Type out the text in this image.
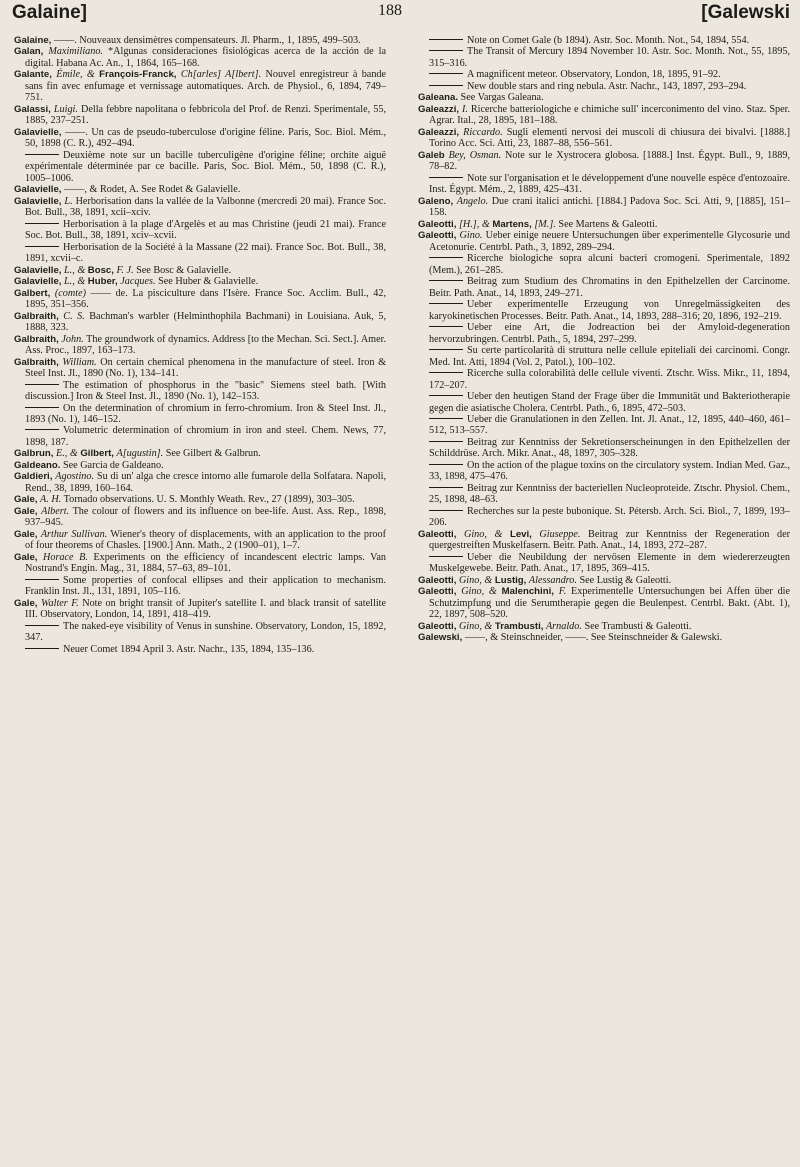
Galaine]	188	[Galewski
Galaine, ——. Nouveaux densimètres compensateurs. Jl. Pharm., 1, 1895, 499–503.
Galan, Maximiliano. *Algunas consideraciones fisiológicas acerca de la acción de la digital. Habana Ac. An., 1, 1864, 165–168.
Galante, Émile, & François-Franck, Ch[arles] A[lbert]. Nouvel enregistreur à bande sans fin avec enfumage et vernissage automatiques. Arch. de Physiol., 6, 1894, 749–751.
Galassi, Luigi. Della febbre napolitana o febbricola del Prof. de Renzi. Sperimentale, 55, 1885, 237–251.
Galavielle, ——. Un cas de pseudo-tuberculose d'origine féline. Paris, Soc. Biol. Mém., 50, 1898 (C. R.), 492–494.
Deuxième note sur un bacille tuberculigène d'origine féline; orchite aiguë expérimentale déterminée par ce bacille. Paris, Soc. Biol. Mém., 50, 1898 (C. R.), 1005–1006.
Galavielle, ——, & Rodet, A. See Rodet & Galavielle.
Galavielle, L. Herborisation dans la vallée de la Valbonne (mercredi 20 mai). France Soc. Bot. Bull., 38, 1891, xcii–xciv.
Herborisation à la plage d'Argelès et au mas Christine (jeudi 21 mai). France Soc. Bot. Bull., 38, 1891, xciv–xcvii.
Herborisation de la Société à la Massane (22 mai). France Soc. Bot. Bull., 38, 1891, xcvii–c.
Galavielle, L., & Bosc, F. J. See Bosc & Galavielle.
Galavielle, L., & Huber, Jacques. See Huber & Galavielle.
Galbert, (comte) —— de. La pisciculture dans l'Isère. France Soc. Acclim. Bull., 42, 1895, 351–356.
Galbraith, C. S. Bachman's warbler (Helminthophila Bachmani) in Louisiana. Auk, 5, 1888, 323.
Galbraith, John. The groundwork of dynamics. Address [to the Mechan. Sci. Sect.]. Amer. Ass. Proc., 1897, 163–173.
Galbraith, William. On certain chemical phenomena in the manufacture of steel. Iron & Steel Inst. Jl., 1890 (No. 1), 134–141.
The estimation of phosphorus in the "basic" Siemens steel bath. [With discussion.] Iron & Steel Inst. Jl., 1890 (No. 1), 142–153.
On the determination of chromium in ferro-chromium. Iron & Steel Inst. Jl., 1893 (No. 1), 146–152.
Volumetric determination of chromium in iron and steel. Chem. News, 77, 1898, 187.
Galbrun, E., & Gilbert, A[ugustin]. See Gilbert & Galbrun.
Galdeano. See Garcia de Galdeano.
Galdieri, Agostino. Su di un' alga che cresce intorno alle fumarole della Solfatara. Napoli, Rend., 38, 1899, 160–164.
Gale, A. H. Tornado observations. U. S. Monthly Weath. Rev., 27 (1899), 303–305.
Gale, Albert. The colour of flowers and its influence on bee-life. Aust. Ass. Rep., 1898, 937–945.
Gale, Arthur Sullivan. Wiener's theory of displacements, with an application to the proof of four theorems of Chasles. [1900.] Ann. Math., 2 (1900–01), 1–7.
Gale, Horace B. Experiments on the efficiency of incandescent electric lamps. Van Nostrand's Engin. Mag., 31, 1884, 57–63, 89–101.
Some properties of confocal ellipses and their application to mechanism. Franklin Inst. Jl., 131, 1891, 105–116.
Gale, Walter F. Note on bright transit of Jupiter's satellite I. and black transit of satellite III. Observatory, London, 14, 1891, 418–419.
The naked-eye visibility of Venus in sunshine. Observatory, London, 15, 1892, 347.
Neuer Comet 1894 April 3. Astr. Nachr., 135, 1894, 135–136.
Note on Comet Gale (b 1894). Astr. Soc. Month. Not., 54, 1894, 554.
The Transit of Mercury 1894 November 10. Astr. Soc. Month. Not., 55, 1895, 315–316.
A magnificent meteor. Observatory, London, 18, 1895, 91–92.
New double stars and ring nebula. Astr. Nachr., 143, 1897, 293–294.
Galeana. See Vargas Galeana.
Galeazzi, I. Ricerche batteriologiche e chimiche sull' incerconimento del vino. Staz. Sper. Agrar. Ital., 28, 1895, 181–188.
Galeazzi, Riccardo. Sugli elementi nervosi dei muscoli di chiusura dei bivalvi. [1888.] Torino Acc. Sci. Atti, 23, 1887–88, 556–561.
Galeb Bey, Osman. Note sur le Xystrocera globosa. [1888.] Inst. Égypt. Bull., 9, 1889, 78–82.
Note sur l'organisation et le développement d'une nouvelle espèce d'entozoaire. Inst. Égypt. Mém., 2, 1889, 425–431.
Galeno, Angelo. Due crani italici antichi. [1884.] Padova Soc. Sci. Atti, 9, [1885], 151–158.
Galeotti, [H.], & Martens, [M.]. See Martens & Galeotti.
Galeotti, Gino. Ueber einige neuere Untersuchungen über experimentelle Glycosurie und Acetonurie. Centrbl. Path., 3, 1892, 289–294.
Ricerche biologiche sopra alcuni bacteri cromogeni. Sperimentale, 1892 (Mem.), 261–285.
Beitrag zum Studium des Chromatins in den Epithelzellen der Carcinome. Beitr. Path. Anat., 14, 1893, 249–271.
Ueber experimentelle Erzeugung von Unregelmässigkeiten des karyokinetischen Processes. Beitr. Path. Anat., 14, 1893, 288–316; 20, 1896, 192–219.
Ueber eine Art, die Jodreaction bei der Amyloid-degeneration hervorzubringen. Centrbl. Path., 5, 1894, 297–299.
Su certe particolarità di struttura nelle cellule epiteliali dei carcinomi. Congr. Med. Int. Atti, 1894 (Vol. 2, Patol.), 100–102.
Ricerche sulla colorabilità delle cellule viventi. Ztschr. Wiss. Mikr., 11, 1894, 172–207.
Ueber den heutigen Stand der Frage über die Immunität und Bakteriotherapie gegen die asiatische Cholera. Centrbl. Path., 6, 1895, 472–503.
Ueber die Granulationen in den Zellen. Int. Jl. Anat., 12, 1895, 440–460, 461–512, 513–557.
Beitrag zur Kenntniss der Sekretionserscheinungen in den Epithelzellen der Schilddrüse. Arch. Mikr. Anat., 48, 1897, 305–328.
On the action of the plague toxins on the circulatory system. Indian Med. Gaz., 33, 1898, 475–476.
Beitrag zur Kenntniss der bacteriellen Nucleoproteide. Ztschr. Physiol. Chem., 25, 1898, 48–63.
Recherches sur la peste bubonique. St. Pétersb. Arch. Sci. Biol., 7, 1899, 193–206.
Galeotti, Gino, & Levi, Giuseppe. Beitrag zur Kenntniss der Regeneration der quergestreiften Muskelfasern. Beitr. Path. Anat., 14, 1893, 272–287.
Ueber die Neubildung der nervösen Elemente in dem wiedererzeugten Muskelgewebe. Beitr. Path. Anat., 17, 1895, 369–415.
Galeotti, Gino, & Lustig, Alessandro. See Lustig & Galeotti.
Galeotti, Gino, & Malenchini, F. Experimentelle Untersuchungen bei Affen über die Schutzimpfung und die Serumtherapie gegen die Beulenpest. Centrbl. Bakt. (Abt. 1), 22, 1897, 508–520.
Galeotti, Gino, & Trambusti, Arnaldo. See Trambusti & Galeotti.
Galewski, ——, & Steinschneider, ——. See Steinschneider & Galewski.
